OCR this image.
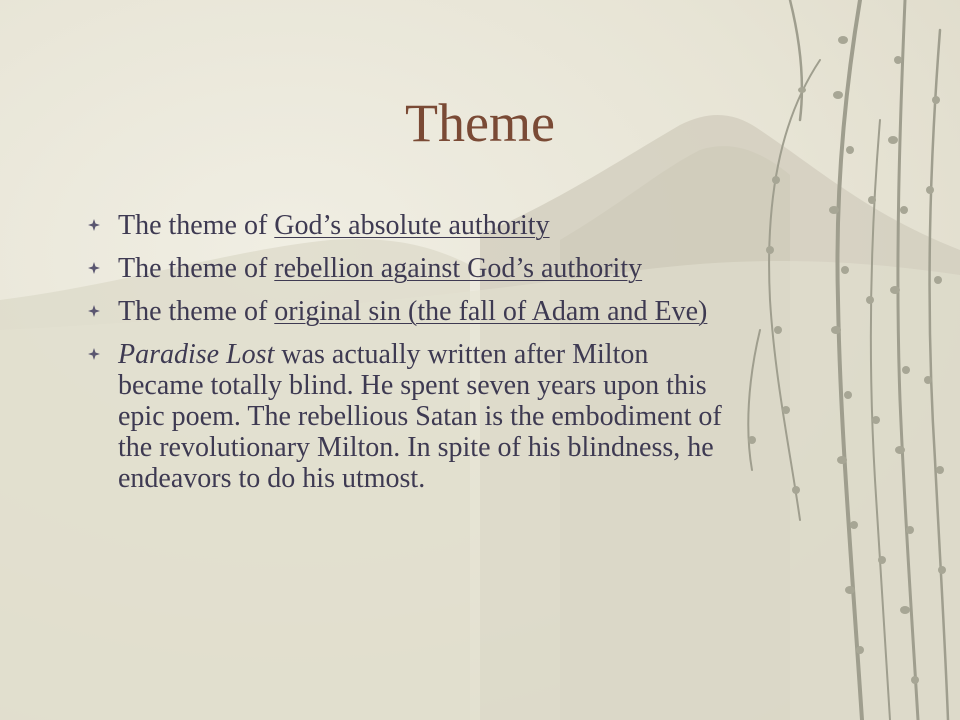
Theme
The theme of God’s absolute authority
The theme of rebellion against God’s authority
The theme of original sin (the fall of Adam and Eve)
Paradise Lost was actually written after Milton became totally blind. He spent seven years upon this epic poem. The rebellious Satan is the embodiment of the revolutionary Milton. In spite of his blindness, he endeavors to do his utmost.
